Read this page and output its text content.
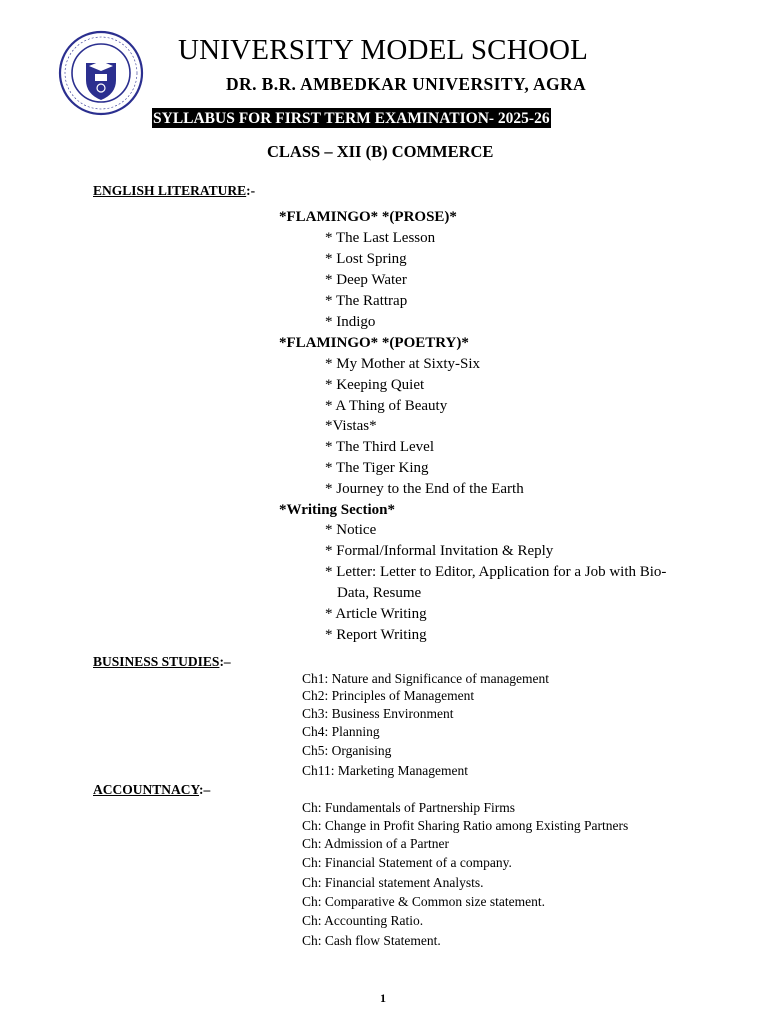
UNIVERSITY MODEL SCHOOL
DR. B.R. AMBEDKAR UNIVERSITY, AGRA
SYLLABUS FOR FIRST TERM EXAMINATION- 2025-26
CLASS – XII (B) COMMERCE
ENGLISH LITERATURE:-
*FLAMINGO* *(PROSE)*
* The Last Lesson
* Lost Spring
* Deep Water
* The Rattrap
* Indigo
*FLAMINGO* *(POETRY)*
* My Mother at Sixty-Six
* Keeping Quiet
* A Thing of Beauty
*Vistas*
* The Third Level
* The Tiger King
* Journey to the End of the Earth
*Writing Section*
* Notice
* Formal/Informal Invitation & Reply
* Letter: Letter to Editor, Application for a Job with Bio-
Data, Resume
* Article Writing
* Report Writing
BUSINESS STUDIES:–
Ch1: Nature and Significance of management
Ch2: Principles of Management
Ch3: Business Environment
Ch4: Planning
Ch5: Organising
Ch11: Marketing Management
ACCOUNTNACY:–
Ch: Fundamentals of Partnership Firms
Ch: Change in Profit Sharing Ratio among Existing Partners
Ch: Admission of a Partner
Ch: Financial Statement of a company.
Ch: Financial statement Analysts.
Ch: Comparative & Common size statement.
Ch: Accounting Ratio.
Ch: Cash flow Statement.
1
